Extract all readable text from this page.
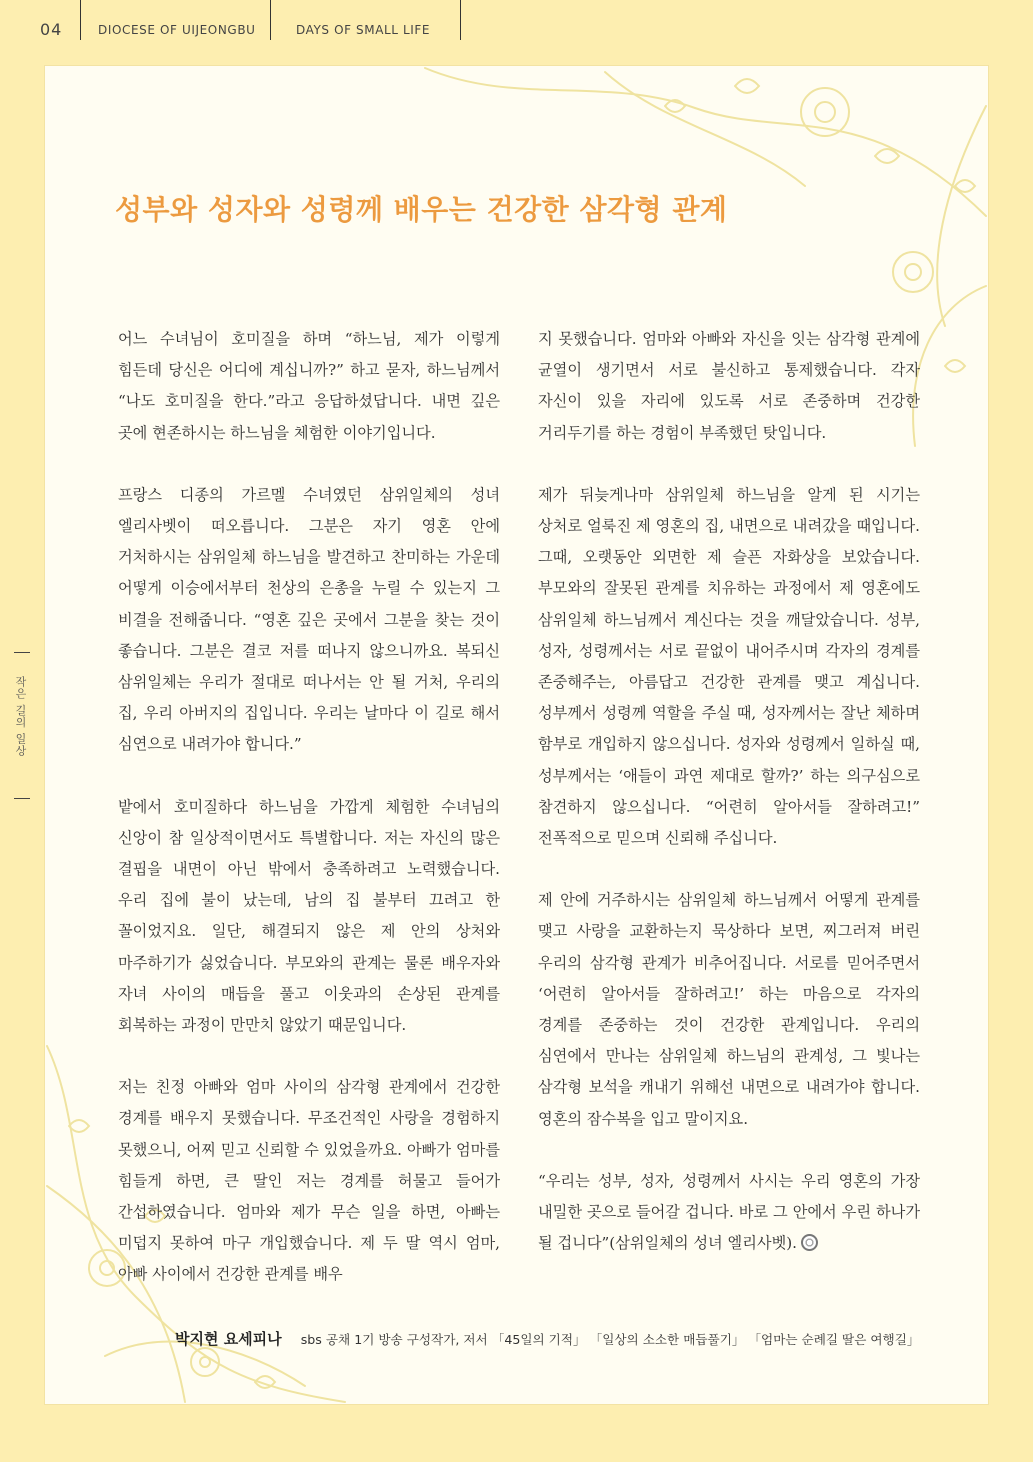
04	DIOCESE OF UIJEONGBU	DAYS OF SMALL LIFE
작은 길의 일상
성부와 성자와 성령께 배우는 건강한 삼각형 관계

어느 수녀님이 호미질을 하며 “하느님, 제가 이렇게 힘든데 당신은 어디에 계십니까?” 하고 묻자, 하느님께서 “나도 호미질을 한다.”라고 응답하셨답니다. 내면 깊은 곳에 현존하시는 하느님을 체험한 이야기입니다.

프랑스 디종의 가르멜 수녀였던 삼위일체의 성녀 엘리사벳이 떠오릅니다. 그분은 자기 영혼 안에 거처하시는 삼위일체 하느님을 발견하고 찬미하는 가운데 어떻게 이승에서부터 천상의 은총을 누릴 수 있는지 그 비결을 전해줍니다. “영혼 깊은 곳에서 그분을 찾는 것이 좋습니다. 그분은 결코 저를 떠나지 않으니까요. 복되신 삼위일체는 우리가 절대로 떠나서는 안 될 거처, 우리의 집, 우리 아버지의 집입니다. 우리는 날마다 이 길로 해서 심연으로 내려가야 합니다.”

밭에서 호미질하다 하느님을 가깝게 체험한 수녀님의 신앙이 참 일상적이면서도 특별합니다. 저는 자신의 많은 결핍을 내면이 아닌 밖에서 충족하려고 노력했습니다. 우리 집에 불이 났는데, 남의 집 불부터 끄려고 한 꼴이었지요. 일단, 해결되지 않은 제 안의 상처와 마주하기가 싫었습니다. 부모와의 관계는 물론 배우자와 자녀 사이의 매듭을 풀고 이웃과의 손상된 관계를 회복하는 과정이 만만치 않았기 때문입니다.

저는 친정 아빠와 엄마 사이의 삼각형 관계에서 건강한 경계를 배우지 못했습니다. 무조건적인 사랑을 경험하지 못했으니, 어찌 믿고 신뢰할 수 있었을까요. 아빠가 엄마를 힘들게 하면, 큰 딸인 저는 경계를 허물고 들어가 간섭하였습니다. 엄마와 제가 무슨 일을 하면, 아빠는 미덥지 못하여 마구 개입했습니다. 제 두 딸 역시 엄마, 아빠 사이에서 건강한 관계를 배우

지 못했습니다. 엄마와 아빠와 자신을 잇는 삼각형 관계에 균열이 생기면서 서로 불신하고 통제했습니다. 각자 자신이 있을 자리에 있도록 서로 존중하며 건강한 거리두기를 하는 경험이 부족했던 탓입니다.

제가 뒤늦게나마 삼위일체 하느님을 알게 된 시기는 상처로 얼룩진 제 영혼의 집, 내면으로 내려갔을 때입니다. 그때, 오랫동안 외면한 제 슬픈 자화상을 보았습니다. 부모와의 잘못된 관계를 치유하는 과정에서 제 영혼에도 삼위일체 하느님께서 계신다는 것을 깨달았습니다. 성부, 성자, 성령께서는 서로 끝없이 내어주시며 각자의 경계를 존중해주는, 아름답고 건강한 관계를 맺고 계십니다. 성부께서 성령께 역할을 주실 때, 성자께서는 잘난 체하며 함부로 개입하지 않으십니다. 성자와 성령께서 일하실 때, 성부께서는 ‘애들이 과연 제대로 할까?’ 하는 의구심으로 참견하지 않으십니다. “어련히 알아서들 잘하려고!” 전폭적으로 믿으며 신뢰해 주십니다.

제 안에 거주하시는 삼위일체 하느님께서 어떻게 관계를 맺고 사랑을 교환하는지 묵상하다 보면, 찌그러져 버린 우리의 삼각형 관계가 비추어집니다. 서로를 믿어주면서 ‘어련히 알아서들 잘하려고!’ 하는 마음으로 각자의 경계를 존중하는 것이 건강한 관계입니다. 우리의 심연에서 만나는 삼위일체 하느님의 관계성, 그 빛나는 삼각형 보석을 캐내기 위해선 내면으로 내려가야 합니다. 영혼의 잠수복을 입고 말이지요.

“우리는 성부, 성자, 성령께서 사시는 우리 영혼의 가장 내밀한 곳으로 들어갈 겁니다. 바로 그 안에서 우린 하나가 될 겁니다”(삼위일체의 성녀 엘리사벳).

박지현 요세피나 sbs 공채 1기 방송 구성작가, 저서 「45일의 기적」 「일상의 소소한 매듭풀기」 「엄마는 순례길 딸은 여행길」
